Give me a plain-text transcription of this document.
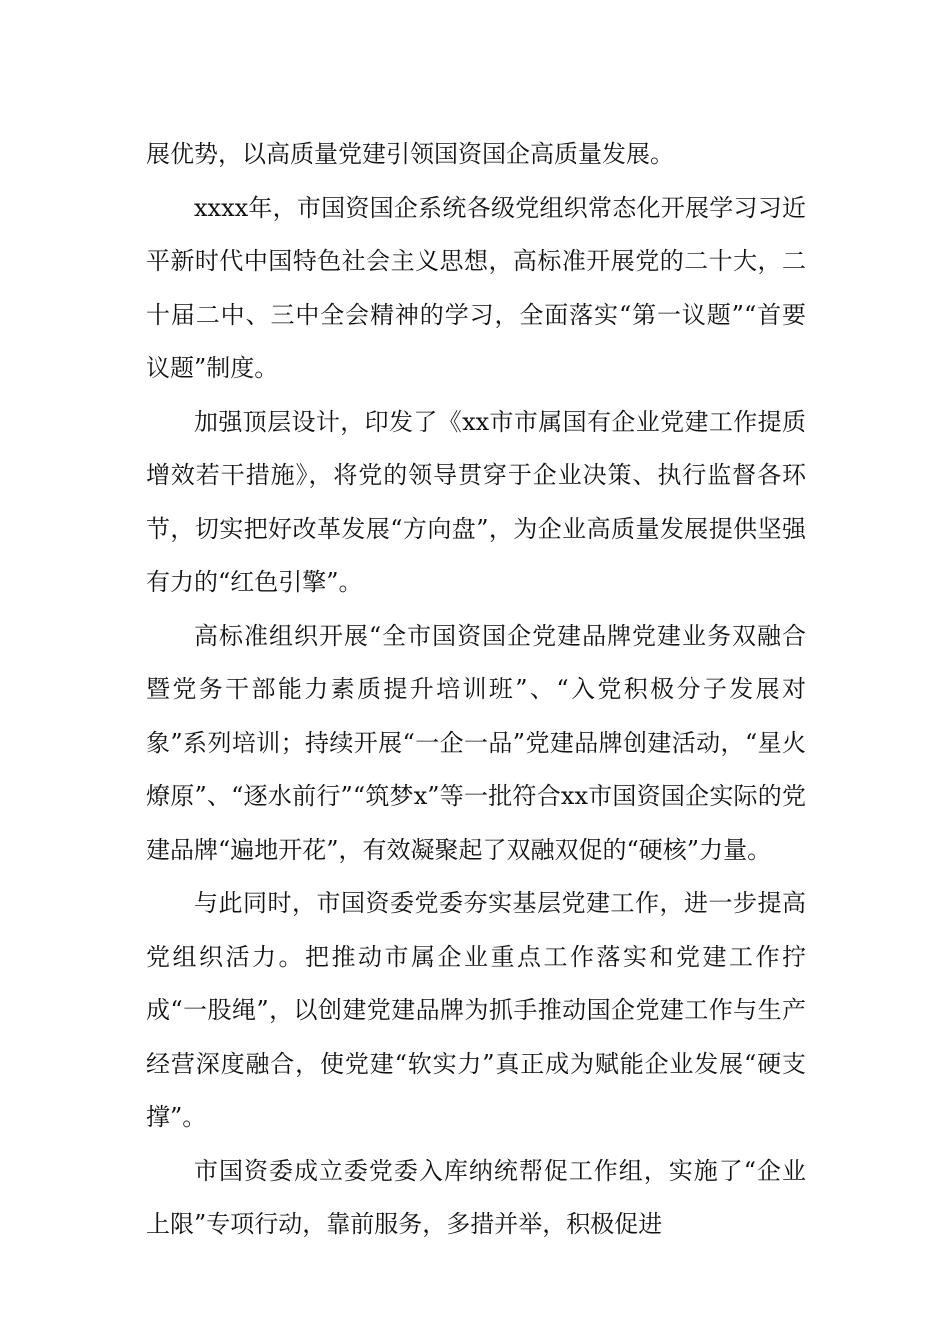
展优势，以高质量党建引领国资国企高质量发展。

xxxx年，市国资国企系统各级党组织常态化开展学习习近平新时代中国特色社会主义思想，高标准开展党的二十大，二十届二中、三中全会精神的学习，全面落实“第一议题”“首要议题”制度。

加强顶层设计，印发了《xx市市属国有企业党建工作提质增效若干措施》，将党的领导贯穿于企业决策、执行监督各环节，切实把好改革发展“方向盘”，为企业高质量发展提供坚强有力的“红色引擎”。

高标准组织开展“全市国资国企党建品牌党建业务双融合暨党务干部能力素质提升培训班”、“入党积极分子发展对象”系列培训；持续开展“一企一品”党建品牌创建活动，“星火燎原”、“逐水前行”“筑梦x”等一批符合xx市国资国企实际的党建品牌“遍地开花”，有效凝聚起了双融双促的“硬核”力量。

与此同时，市国资委党委夯实基层党建工作，进一步提高党组织活力。把推动市属企业重点工作落实和党建工作拧成“一股绳”，以创建党建品牌为抓手推动国企党建工作与生产经营深度融合，使党建“软实力”真正成为赋能企业发展“硬支撑”。

市国资委成立委党委入库纳统帮促工作组，实施了“企业上限”专项行动，靠前服务，多措并举，积极促进
